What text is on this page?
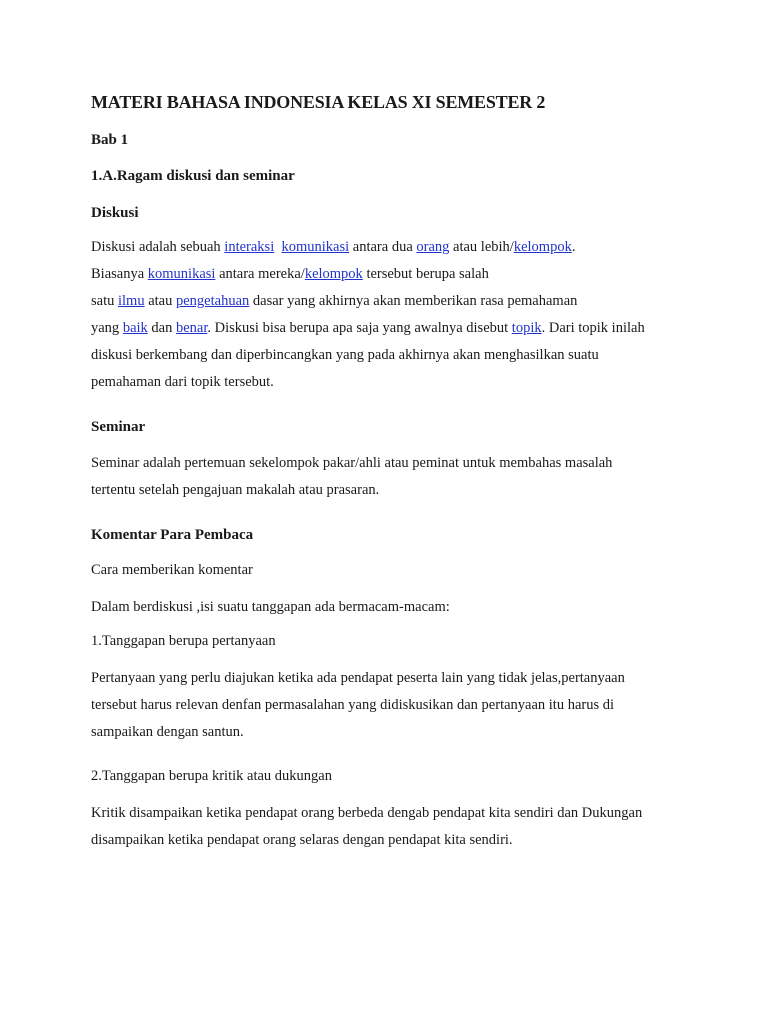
MATERI BAHASA INDONESIA KELAS XI SEMESTER 2
Bab 1
1.A.Ragam diskusi dan seminar
Diskusi
Diskusi adalah sebuah interaksi komunikasi antara dua orang atau lebih/kelompok.
Biasanya komunikasi antara mereka/kelompok tersebut berupa salah
satu ilmu atau pengetahuan dasar yang akhirnya akan memberikan rasa pemahaman
yang baik dan benar. Diskusi bisa berupa apa saja yang awalnya disebut topik. Dari topik inilah
diskusi berkembang dan diperbincangkan yang pada akhirnya akan menghasilkan suatu
pemahaman dari topik tersebut.
Seminar
Seminar adalah pertemuan sekelompok pakar/ahli atau peminat untuk membahas masalah
tertentu setelah pengajuan makalah atau prasaran.
Komentar Para Pembaca
Cara memberikan komentar
Dalam berdiskusi ,isi suatu tanggapan ada bermacam-macam:
1.Tanggapan berupa pertanyaan
Pertanyaan yang perlu diajukan ketika ada pendapat peserta lain yang tidak jelas,pertanyaan
tersebut harus relevan denfan permasalahan yang didiskusikan dan pertanyaan itu harus di
sampaikan dengan santun.
2.Tanggapan berupa kritik atau dukungan
Kritik disampaikan ketika pendapat orang berbeda dengab pendapat kita sendiri dan Dukungan
disampaikan ketika pendapat orang selaras dengan pendapat kita sendiri.
